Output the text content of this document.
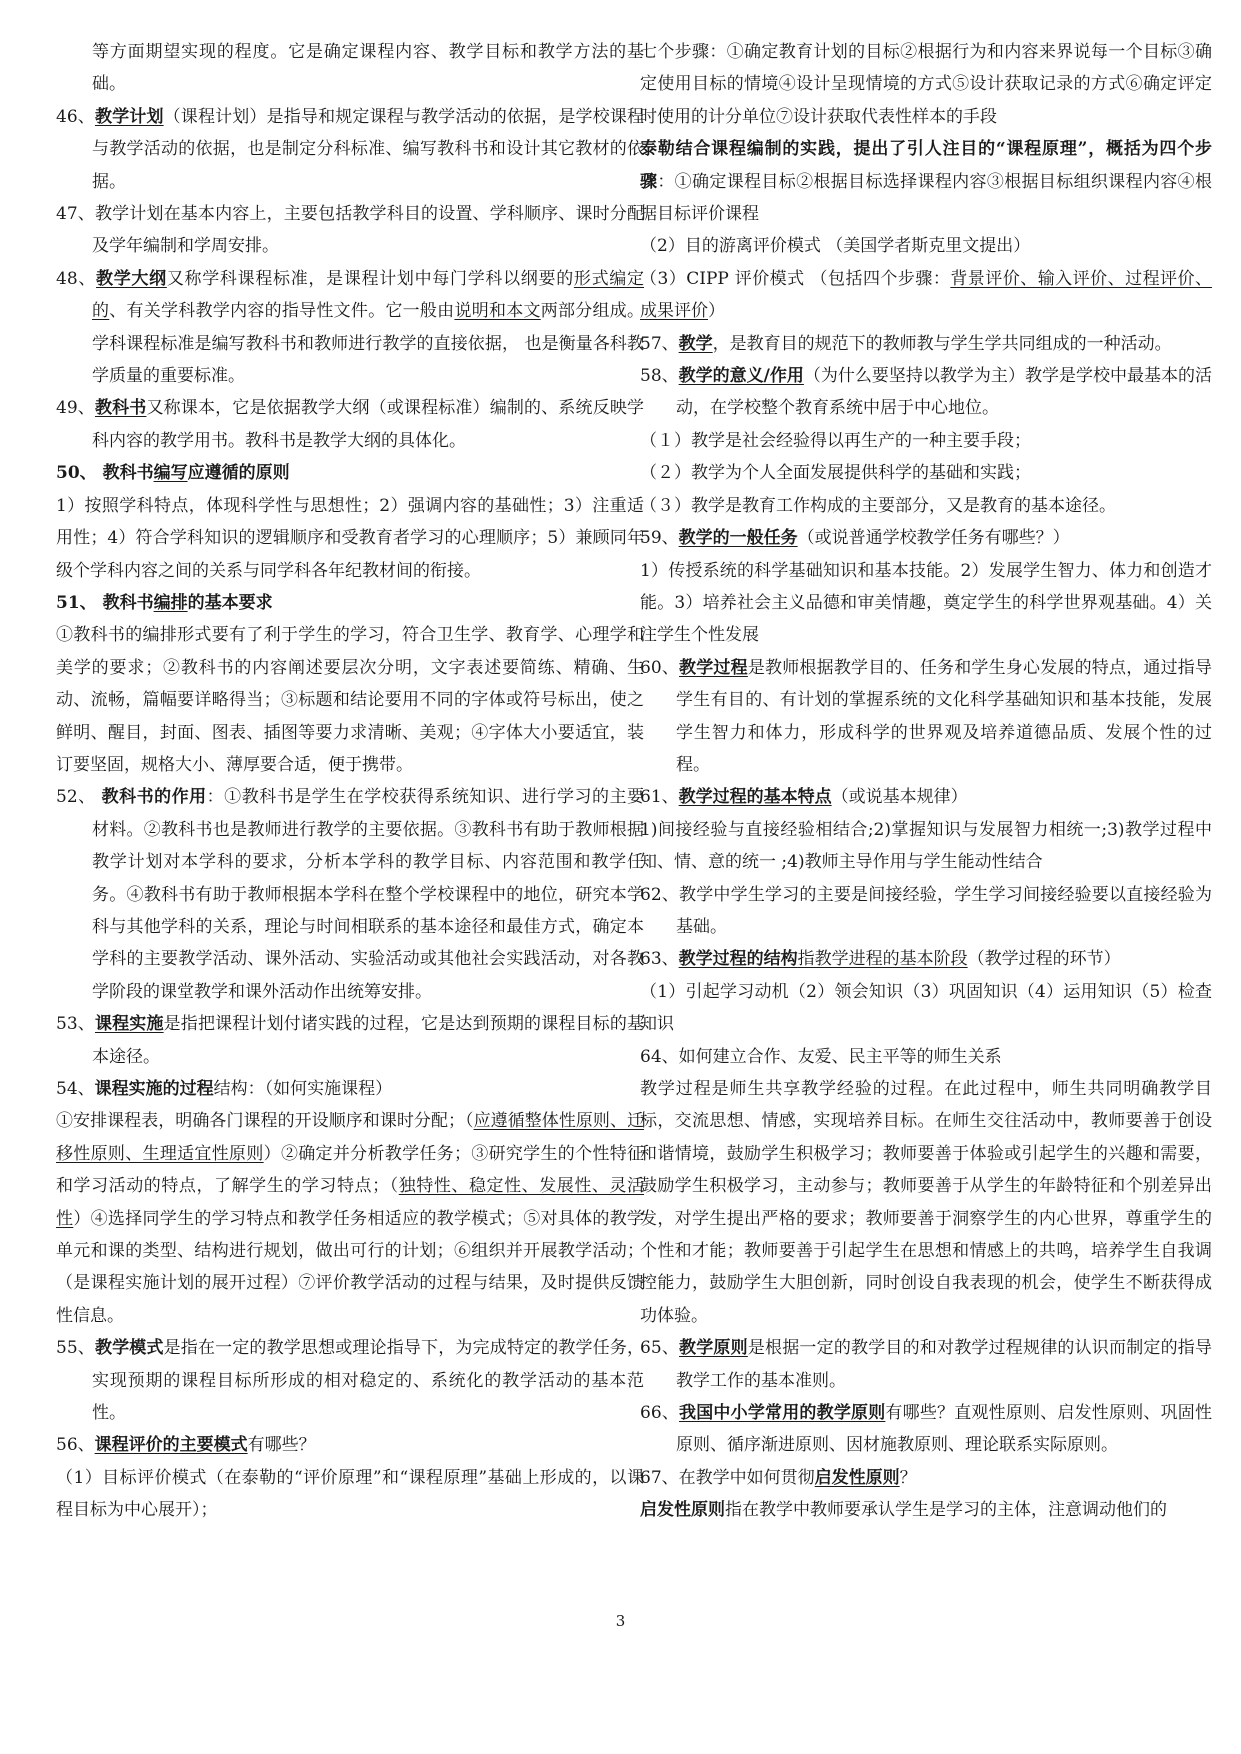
等方面期望实现的程度。它是确定课程内容、教学目标和教学方法的基础。

46、教学计划（课程计划）是指导和规定课程与教学活动的依据，是学校课程与教学活动的依据，也是制定分科标准、编写教科书和设计其它教材的依据。

47、教学计划在基本内容上，主要包括教学科目的设置、学科顺序、课时分配及学年编制和学周安排。

48、教学大纲又称学科课程标准，是课程计划中每门学科以纲要的形式编定的、有关学科教学内容的指导性文件。它一般由说明和本文两部分组成。学科课程标准是编写教科书和教师进行教学的直接依据， 也是衡量各科教学质量的重要标准。

49、教科书又称课本，它是依据教学大纲（或课程标准）编制的、系统反映学科内容的教学用书。教科书是教学大纲的具体化。

50、 教科书编写应遵循的原则

1）按照学科特点，体现科学性与思想性；2）强调内容的基础性；3）注重适用性；4）符合学科知识的逻辑顺序和受教育者学习的心理顺序；5）兼顾同年级个学科内容之间的关系与同学科各年纪教材间的衔接。

51、 教科书编排的基本要求

①教科书的编排形式要有了利于学生的学习，符合卫生学、教育学、心理学和美学的要求；②教科书的内容阐述要层次分明，文字表述要简练、精确、生动、流畅，篇幅要详略得当；③标题和结论要用不同的字体或符号标出，使之鲜明、醒目，封面、图表、插图等要力求清晰、美观；④字体大小要适宜，装订要坚固，规格大小、薄厚要合适，便于携带。

52、 教科书的作用：①教科书是学生在学校获得系统知识、进行学习的主要材料。②教科书也是教师进行教学的主要依据。③教科书有助于教师根据教学计划对本学科的要求，分析本学科的教学目标、内容范围和教学任务。④教科书有助于教师根据本学科在整个学校课程中的地位，研究本学科与其他学科的关系，理论与时间相联系的基本途径和最佳方式，确定本学科的主要教学活动、课外活动、实验活动或其他社会实践活动，对各教学阶段的课堂教学和课外活动作出统筹安排。

53、课程实施是指把课程计划付诸实践的过程，它是达到预期的课程目标的基本途径。

54、课程实施的过程结构：（如何实施课程）

①安排课程表，明确各门课程的开设顺序和课时分配；（应遵循整体性原则、迁移性原则、生理适宜性原则）②确定并分析教学任务；③研究学生的个性特征和学习活动的特点，了解学生的学习特点；（独特性、稳定性、发展性、灵活性）④选择同学生的学习特点和教学任务相适应的教学模式；⑤对具体的教学单元和课的类型、结构进行规划，做出可行的计划；⑥组织并开展教学活动；（是课程实施计划的展开过程）⑦评价教学活动的过程与结果，及时提供反馈性信息。

55、教学模式是指在一定的教学思想或理论指导下，为完成特定的教学任务，实现预期的课程目标所形成的相对稳定的、系统化的教学活动的基本范性。

56、课程评价的主要模式有哪些？

（1）目标评价模式（在泰勒的“评价原理”和“课程原理”基础上形成的，以课程目标为中心展开）；

七个步骤：①确定教育计划的目标②根据行为和内容来界说每一个目标③确定使用目标的情境④设计呈现情境的方式⑤设计获取记录的方式⑥确定评定时使用的计分单位⑦设计获取代表性样本的手段

泰勒结合课程编制的实践，提出了引人注目的“课程原理”，概括为四个步骤：①确定课程目标②根据目标选择课程内容③根据目标组织课程内容④根据目标评价课程

（2）目的游离评价模式 （美国学者斯克里文提出）

（3）CIPP 评价模式 （包括四个步骤：背景评价、输入评价、过程评价、成果评价）

57、教学，是教育目的规范下的教师教与学生学共同组成的一种活动。

58、教学的意义/作用（为什么要坚持以教学为主）教学是学校中最基本的活动，在学校整个教育系统中居于中心地位。

（１）教学是社会经验得以再生产的一种主要手段；

（２）教学为个人全面发展提供科学的基础和实践；

（３）教学是教育工作构成的主要部分，又是教育的基本途径。

59、教学的一般任务（或说普通学校教学任务有哪些？）

1）传授系统的科学基础知识和基本技能。2）发展学生智力、体力和创造才能。3）培养社会主义品德和审美情趣，奠定学生的科学世界观基础。4）关注学生个性发展

60、教学过程是教师根据教学目的、任务和学生身心发展的特点，通过指导学生有目的、有计划的掌握系统的文化科学基础知识和基本技能，发展学生智力和体力，形成科学的世界观及培养道德品质、发展个性的过程。

61、教学过程的基本特点（或说基本规律）

1)间接经验与直接经验相结合;2)掌握知识与发展智力相统一;3)教学过程中知、情、意的统一 ;4)教师主导作用与学生能动性结合

62、教学中学生学习的主要是间接经验，学生学习间接经验要以直接经验为基础。

63、教学过程的结构指教学进程的基本阶段（教学过程的环节）

（1）引起学习动机（2）领会知识（3）巩固知识（4）运用知识（5）检查知识

64、如何建立合作、友爱、民主平等的师生关系

教学过程是师生共享教学经验的过程。在此过程中，师生共同明确教学目标，交流思想、情感，实现培养目标。在师生交往活动中，教师要善于创设和谐情境，鼓励学生积极学习；教师要善于体验或引起学生的兴趣和需要，鼓励学生积极学习，主动参与；教师要善于从学生的年龄特征和个别差异出发，对学生提出严格的要求；教师要善于洞察学生的内心世界，尊重学生的个性和才能；教师要善于引起学生在思想和情感上的共鸣，培养学生自我调控能力，鼓励学生大胆创新，同时创设自我表现的机会，使学生不断获得成功体验。

65、教学原则是根据一定的教学目的和对教学过程规律的认识而制定的指导教学工作的基本准则。

66、我国中小学常用的教学原则有哪些？直观性原则、启发性原则、巩固性原则、循序渐进原则、因材施教原则、理论联系实际原则。

67、在教学中如何贯彻启发性原则？

启发性原则指在教学中教师要承认学生是学习的主体，注意调动他们的

3
